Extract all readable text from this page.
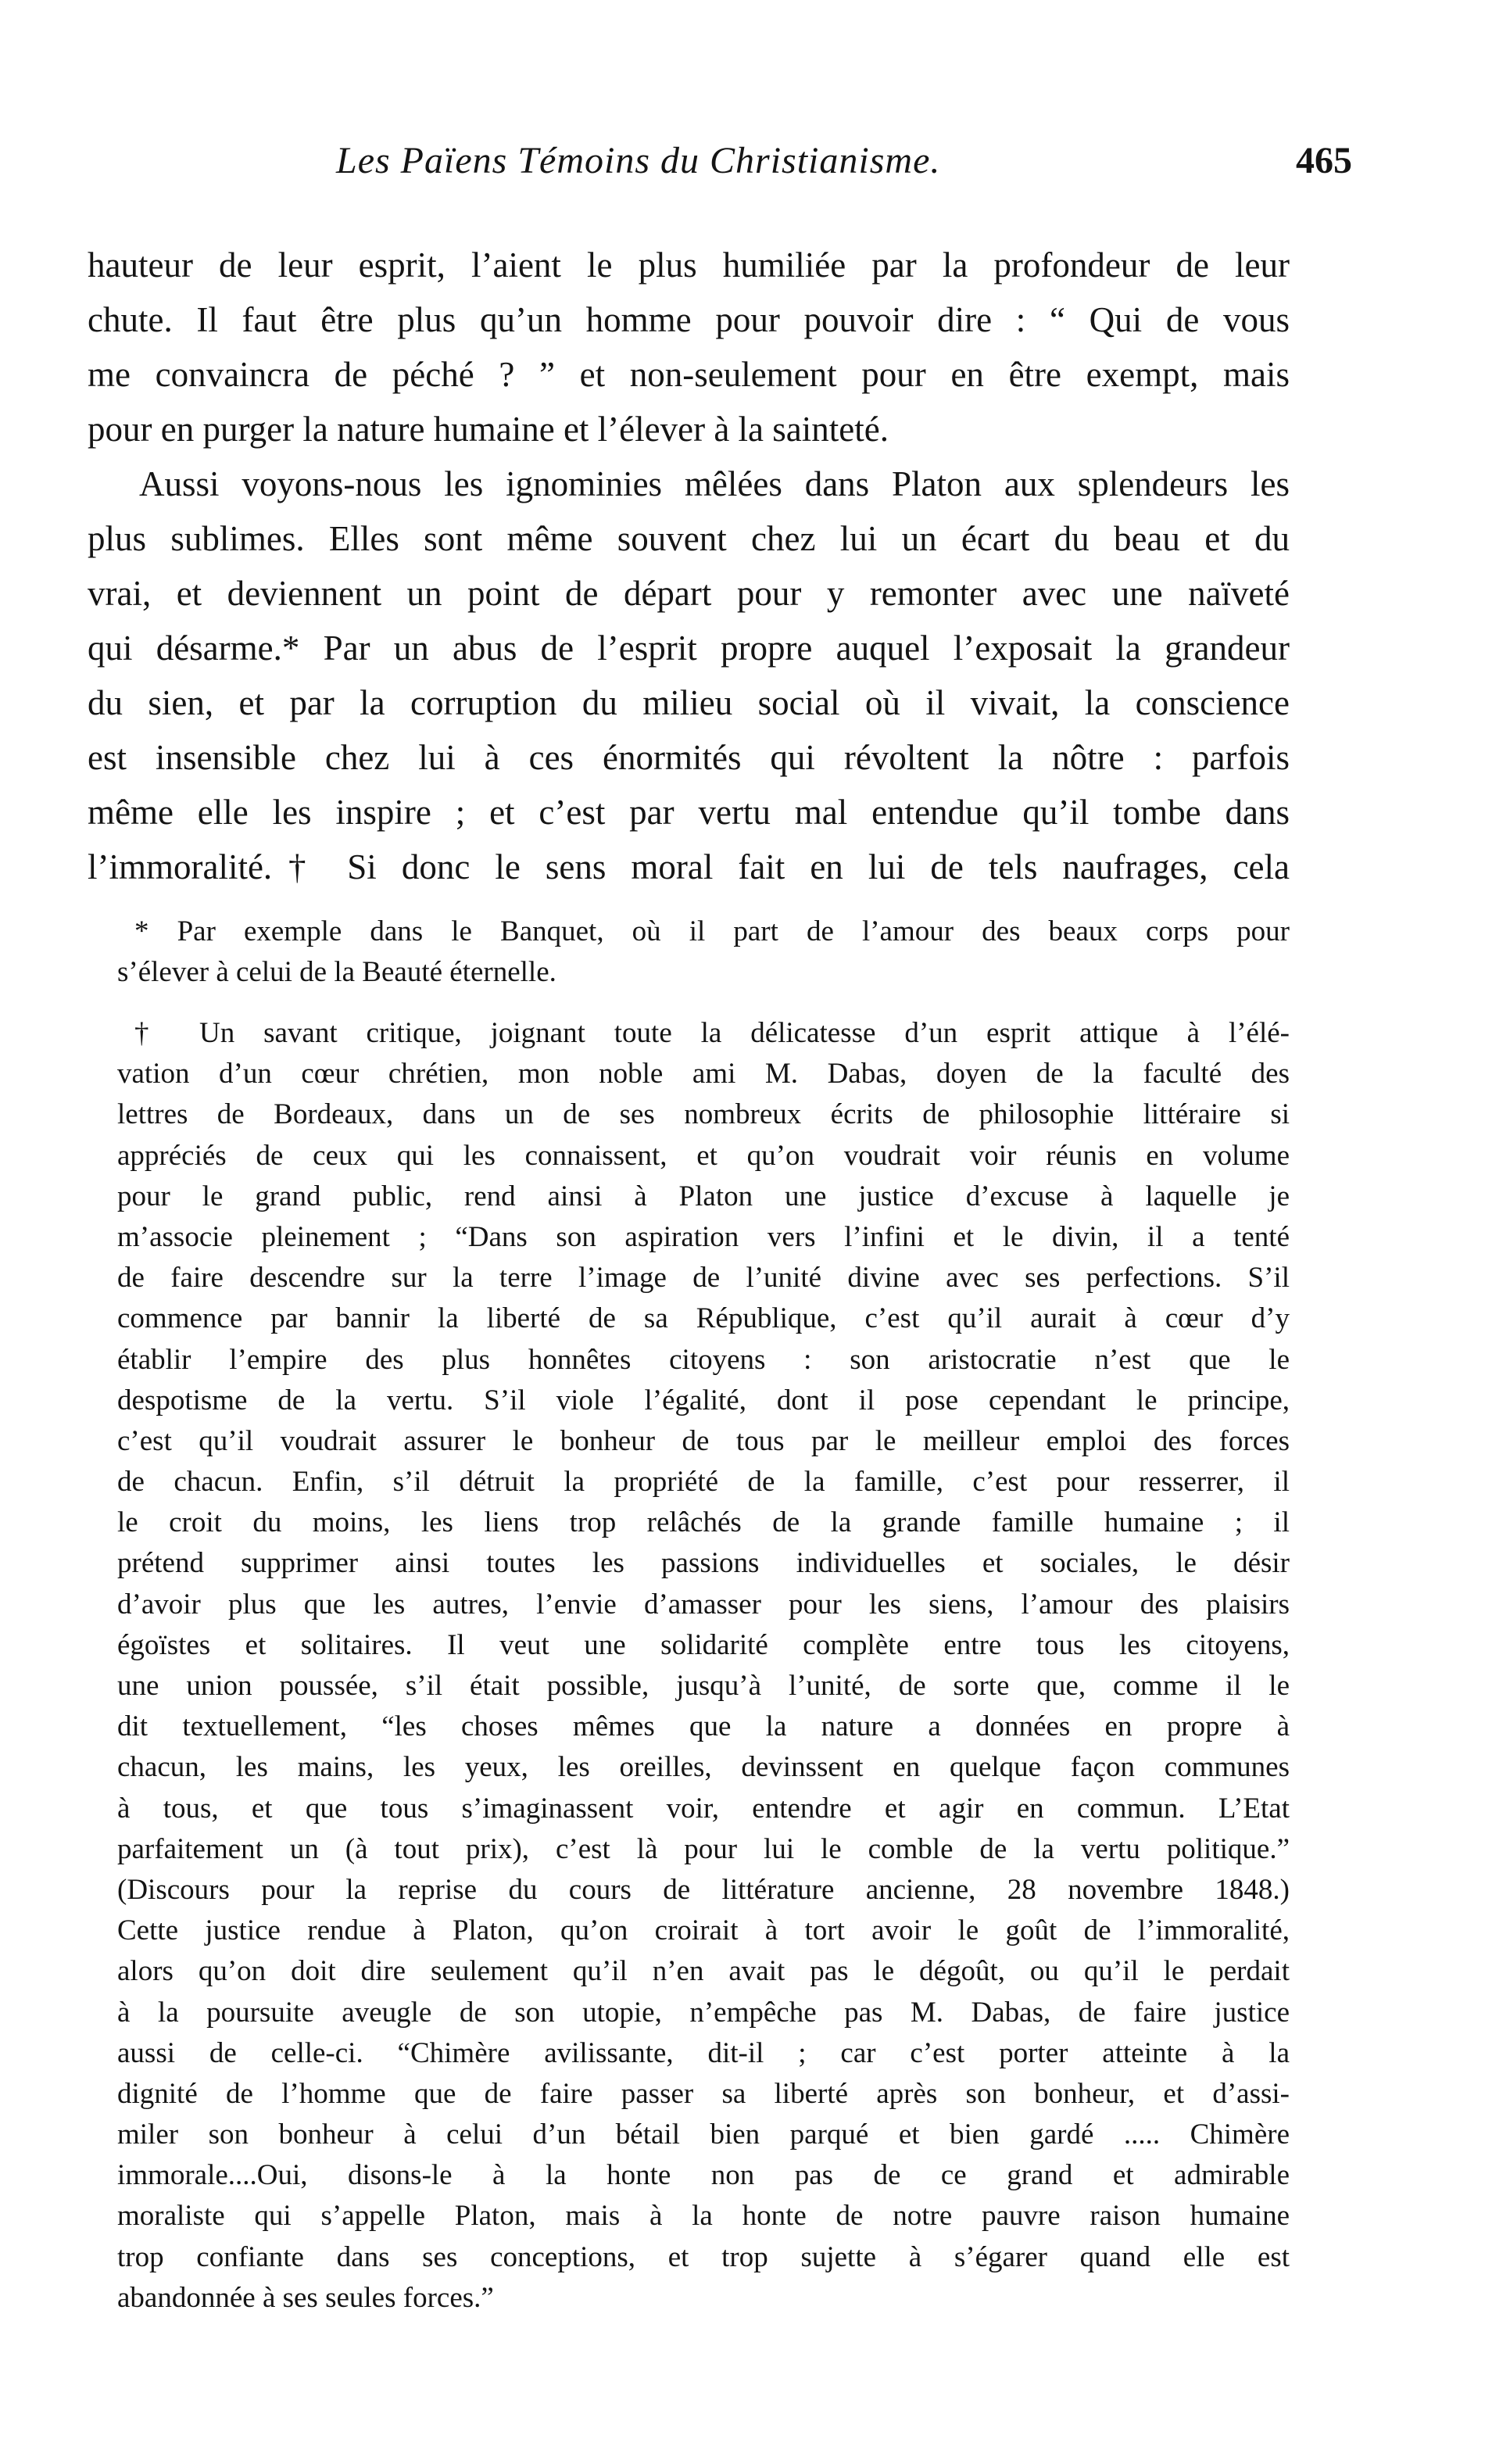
Les Païens Témoins du Christianisme.	465
hauteur de leur esprit, l’aient le plus humiliée par la profondeur de leur
chute. Il faut être plus qu’un homme pour pouvoir dire : “ Qui de vous
me convaincra de péché ? ” et non-seulement pour en être exempt, mais
pour en purger la nature humaine et l’élever à la sainteté.
Aussi voyons-nous les ignominies mêlées dans Platon aux splendeurs les
plus sublimes. Elles sont même souvent chez lui un écart du beau et du
vrai, et deviennent un point de départ pour y remonter avec une naïveté
qui désarme.* Par un abus de l’esprit propre auquel l’exposait la grandeur
du sien, et par la corruption du milieu social où il vivait, la conscience
est insensible chez lui à ces énormités qui révoltent la nôtre : parfois
même elle les inspire ; et c’est par vertu mal entendue qu’il tombe dans
l’immoralité.† Si donc le sens moral fait en lui de tels naufrages, cela
* Par exemple dans le Banquet, où il part de l’amour des beaux corps pour
s’élever à celui de la Beauté éternelle.
† Un savant critique, joignant toute la délicatesse d’un esprit attique à l’élé-
vation d’un cœur chrétien, mon noble ami M. Dabas, doyen de la faculté des
lettres de Bordeaux, dans un de ses nombreux écrits de philosophie littéraire si
appréciés de ceux qui les connaissent, et qu’on voudrait voir réunis en volume
pour le grand public, rend ainsi à Platon une justice d’excuse à laquelle je
m’associe pleinement ; “Dans son aspiration vers l’infini et le divin, il a tenté
de faire descendre sur la terre l’image de l’unité divine avec ses perfections. S’il
commence par bannir la liberté de sa République, c’est qu’il aurait à cœur d’y
établir l’empire des plus honnêtes citoyens : son aristocratie n’est que le
despotisme de la vertu. S’il viole l’égalité, dont il pose cependant le principe,
c’est qu’il voudrait assurer le bonheur de tous par le meilleur emploi des forces
de chacun. Enfin, s’il détruit la propriété de la famille, c’est pour resserrer, il
le croit du moins, les liens trop relâchés de la grande famille humaine ; il
prétend supprimer ainsi toutes les passions individuelles et sociales, le désir
d’avoir plus que les autres, l’envie d’amasser pour les siens, l’amour des plaisirs
égoïstes et solitaires. Il veut une solidarité complète entre tous les citoyens,
une union poussée, s’il était possible, jusqu’à l’unité, de sorte que, comme il le
dit textuellement, “les choses mêmes que la nature a données en propre à
chacun, les mains, les yeux, les oreilles, devinssent en quelque façon communes
à tous, et que tous s’imaginassent voir, entendre et agir en commun. L’Etat
parfaitement un (à tout prix), c’est là pour lui le comble de la vertu politique.”
(Discours pour la reprise du cours de littérature ancienne, 28 novembre 1848.)
Cette justice rendue à Platon, qu’on croirait à tort avoir le goût de l’immoralité,
alors qu’on doit dire seulement qu’il n’en avait pas le dégoût, ou qu’il le perdait
à la poursuite aveugle de son utopie, n’empêche pas M. Dabas, de faire justice
aussi de celle-ci. “Chimère avilissante, dit-il ; car c’est porter atteinte à la
dignité de l’homme que de faire passer sa liberté après son bonheur, et d’assi-
miler son bonheur à celui d’un bétail bien parqué et bien gardé ..... Chimère
immorale....Oui, disons-le à la honte non pas de ce grand et admirable
moraliste qui s’appelle Platon, mais à la honte de notre pauvre raison humaine
trop confiante dans ses conceptions, et trop sujette à s’égarer quand elle est
abandonnée à ses seules forces.”
